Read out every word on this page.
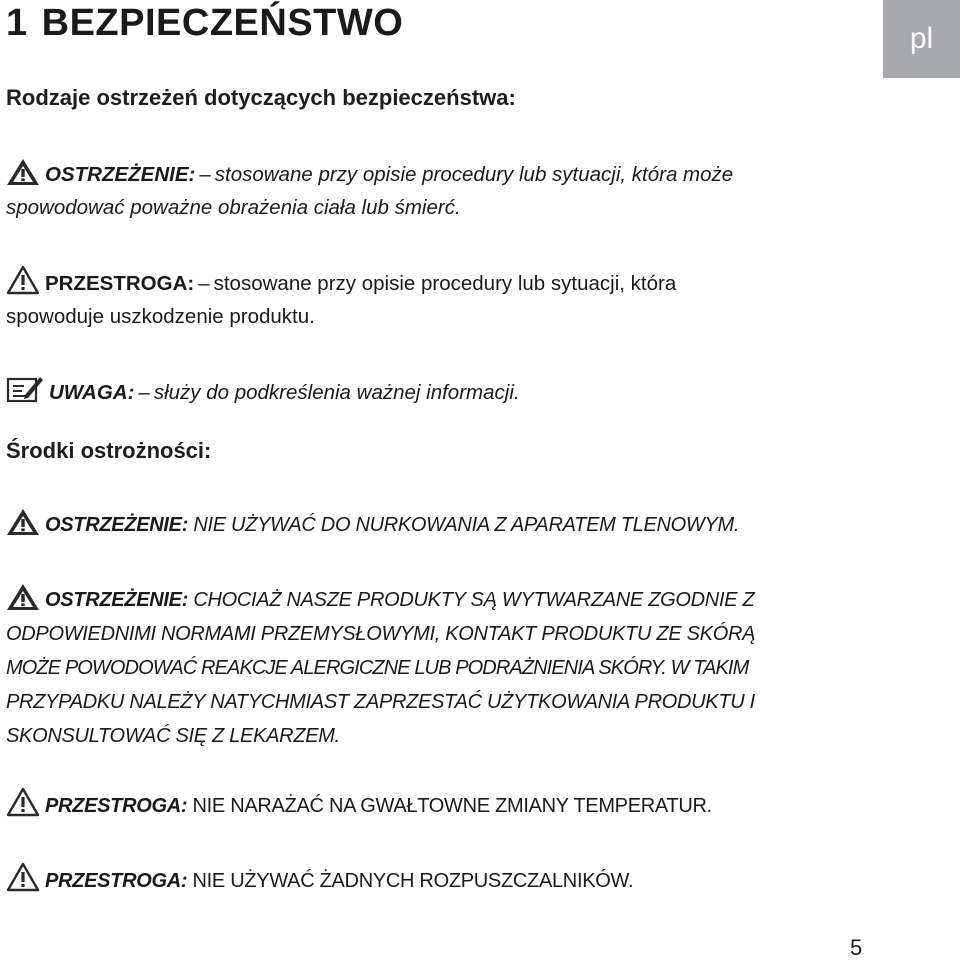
1 BEZPIECZEŃSTWO	pl
Rodzaje ostrzeżeń dotyczących bezpieczeństwa:
OSTRZEŻENIE: – stosowane przy opisie procedury lub sytuacji, która może
spowodować poważne obrażenia ciała lub śmierć.
PRZESTROGA: – stosowane przy opisie procedury lub sytuacji, która
spowoduje uszkodzenie produktu.
UWAGA: – służy do podkreślenia ważnej informacji.
Środki ostrożności:
OSTRZEŻENIE: NIE UŻYWAĆ DO NURKOWANIA Z APARATEM TLENOWYM.
OSTRZEŻENIE: CHOCIAŻ NASZE PRODUKTY SĄ WYTWARZANE ZGODNIE Z
ODPOWIEDNIMI NORMAMI PRZEMYSŁOWYMI, KONTAKT PRODUKTU ZE SKÓRĄ
MOŻE POWODOWAĆ REAKCJE ALERGICZNE LUB PODRAŻNIENIA SKÓRY. W TAKIM
PRZYPADKU NALEŻY NATYCHMIAST ZAPRZESTAĆ UŻYTKOWANIA PRODUKTU I
SKONSULTOWAĆ SIĘ Z LEKARZEM.
PRZESTROGA: NIE NARAŻAĆ NA GWAŁTOWNE ZMIANY TEMPERATUR.
PRZESTROGA: NIE UŻYWAĆ ŻADNYCH ROZPUSZCZALNIKÓW.
5
